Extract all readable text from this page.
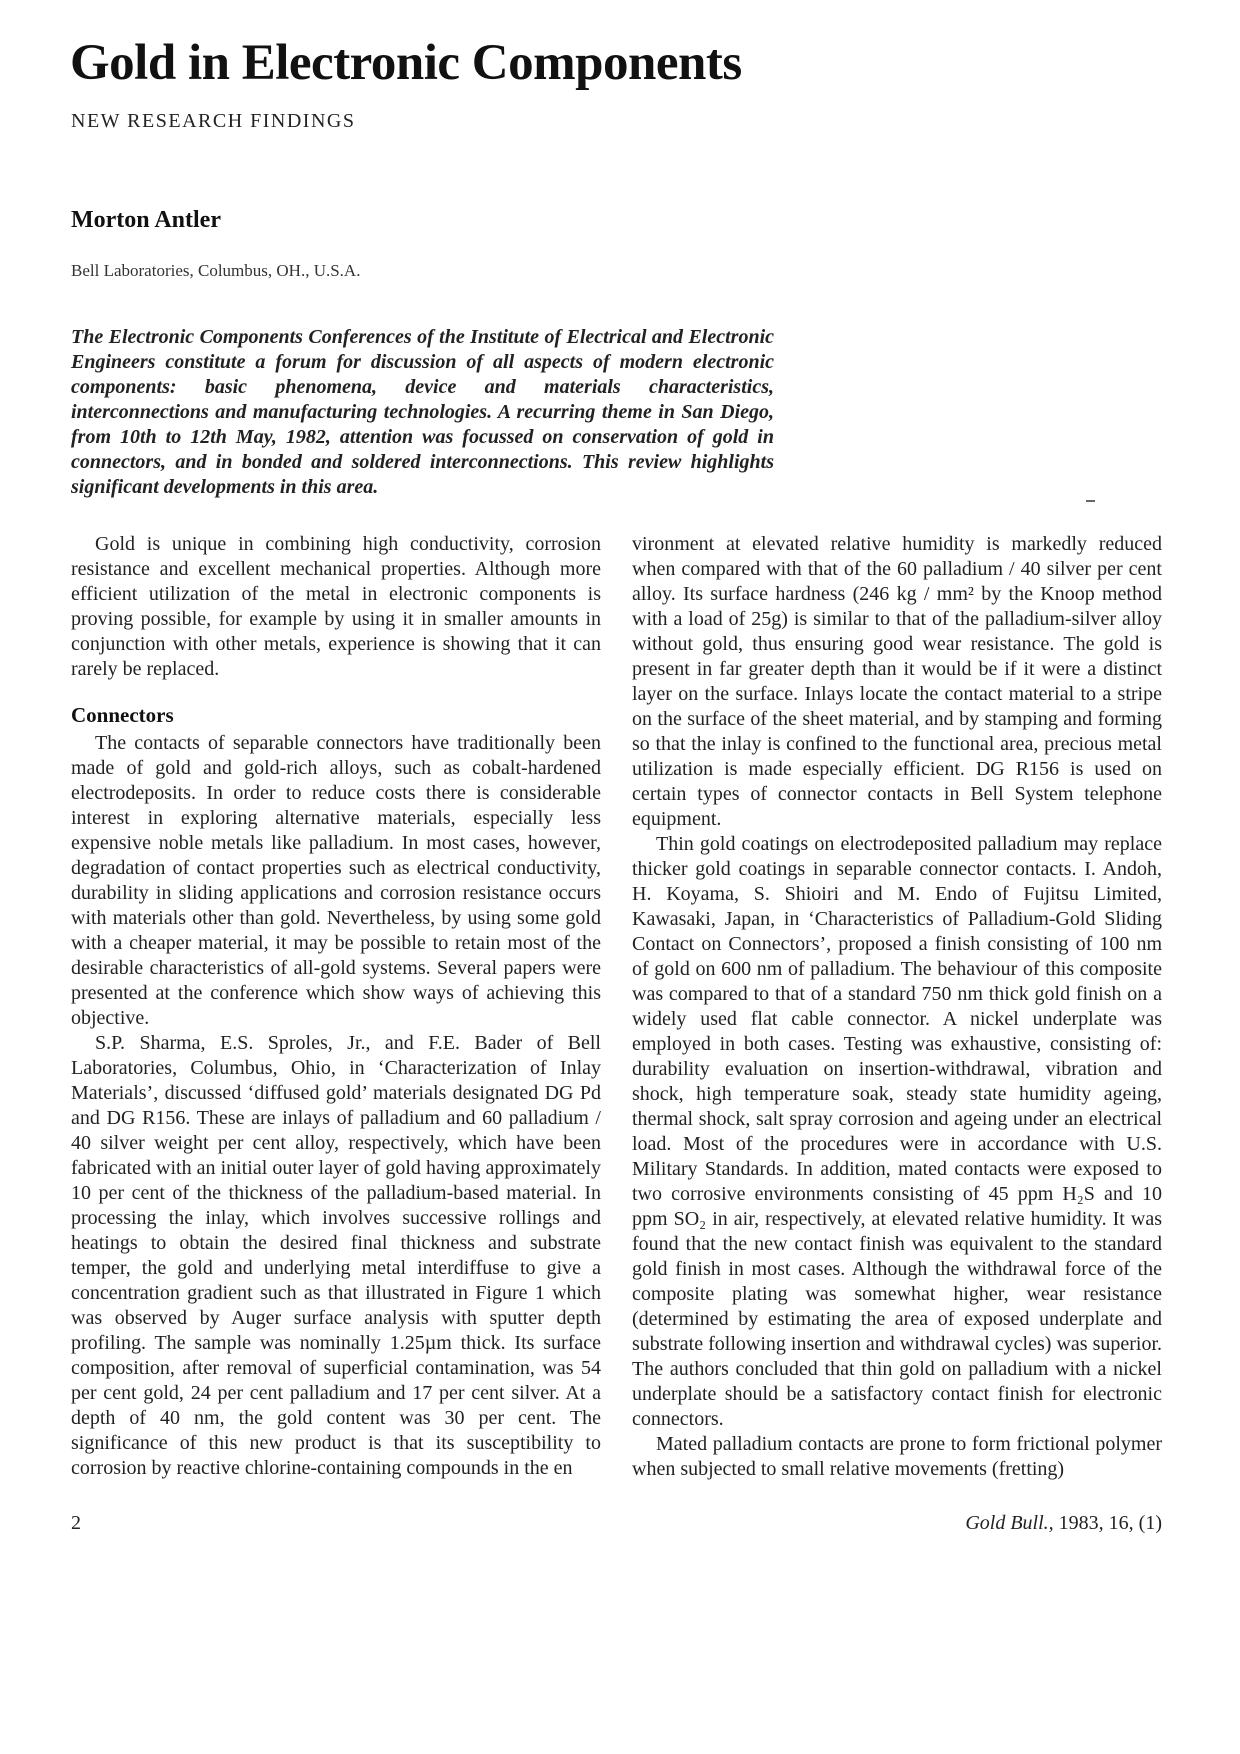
Gold in Electronic Components
NEW RESEARCH FINDINGS
Morton Antler
Bell Laboratories, Columbus, OH., U.S.A.

The Electronic Components Conferences of the Institute of Electrical and Electronic Engineers constitute a forum for discussion of all aspects of modern electronic components: basic phenomena, device and materials characteristics, interconnections and manufacturing technologies. A recurring theme in San Diego, from 10th to 12th May, 1982, attention was focussed on conservation of gold in connectors, and in bonded and soldered interconnections. This review highlights significant developments in this area.

Gold is unique in combining high conductivity, corrosion resistance and excellent mechanical properties. Although more efficient utilization of the metal in electronic components is proving possible, for example by using it in smaller amounts in conjunction with other metals, experience is showing that it can rarely be replaced.

Connectors

The contacts of separable connectors have traditionally been made of gold and gold-rich alloys, such as cobalt-hardened electrodeposits. In order to reduce costs there is considerable interest in exploring alternative materials, especially less expensive noble metals like palladium. In most cases, however, degradation of contact properties such as electrical conductivity, durability in sliding applications and corrosion resistance occurs with materials other than gold. Nevertheless, by using some gold with a cheaper material, it may be possible to retain most of the desirable characteristics of all-gold systems. Several papers were presented at the conference which show ways of achieving this objective.

S.P. Sharma, E.S. Sproles, Jr., and F.E. Bader of Bell Laboratories, Columbus, Ohio, in ‘Characterization of Inlay Materials’, discussed ‘diffused gold’ materials designated DG Pd and DG R156. These are inlays of palladium and 60 palladium / 40 silver weight per cent alloy, respectively, which have been fabricated with an initial outer layer of gold having approximately 10 per cent of the thickness of the palladium-based material. In processing the inlay, which involves successive rollings and heatings to obtain the desired final thickness and substrate temper, the gold and underlying metal interdiffuse to give a concentration gradient such as that illustrated in Figure 1 which was observed by Auger surface analysis with sputter depth profiling. The sample was nominally 1.25µm thick. Its surface composition, after removal of superficial contamination, was 54 per cent gold, 24 per cent palladium and 17 per cent silver. At a depth of 40 nm, the gold content was 30 per cent. The significance of this new product is that its susceptibility to corrosion by reactive chlorine-containing compounds in the en

vironment at elevated relative humidity is markedly reduced when compared with that of the 60 palladium / 40 silver per cent alloy. Its surface hardness (246 kg / mm² by the Knoop method with a load of 25g) is similar to that of the palladium-silver alloy without gold, thus ensuring good wear resistance. The gold is present in far greater depth than it would be if it were a distinct layer on the surface. Inlays locate the contact material to a stripe on the surface of the sheet material, and by stamping and forming so that the inlay is confined to the functional area, precious metal utilization is made especially efficient. DG R156 is used on certain types of connector contacts in Bell System telephone equipment.

Thin gold coatings on electrodeposited palladium may replace thicker gold coatings in separable connector contacts. I. Andoh, H. Koyama, S. Shioiri and M. Endo of Fujitsu Limited, Kawasaki, Japan, in ‘Characteristics of Palladium-Gold Sliding Contact on Connectors’, proposed a finish consisting of 100 nm of gold on 600 nm of palladium. The behaviour of this composite was compared to that of a standard 750 nm thick gold finish on a widely used flat cable connector. A nickel underplate was employed in both cases. Testing was exhaustive, consisting of: durability evaluation on insertion-withdrawal, vibration and shock, high temperature soak, steady state humidity ageing, thermal shock, salt spray corrosion and ageing under an electrical load. Most of the procedures were in accordance with U.S. Military Standards. In addition, mated contacts were exposed to two corrosive environments consisting of 45 ppm H₂S and 10 ppm SO₂ in air, respectively, at elevated relative humidity. It was found that the new contact finish was equivalent to the standard gold finish in most cases. Although the withdrawal force of the composite plating was somewhat higher, wear resistance (determined by estimating the area of exposed underplate and substrate following insertion and withdrawal cycles) was superior. The authors concluded that thin gold on palladium with a nickel underplate should be a satisfactory contact finish for electronic connectors.

Mated palladium contacts are prone to form frictional polymer when subjected to small relative movements (fretting)

2	Gold Bull., 1983, 16, (1)
